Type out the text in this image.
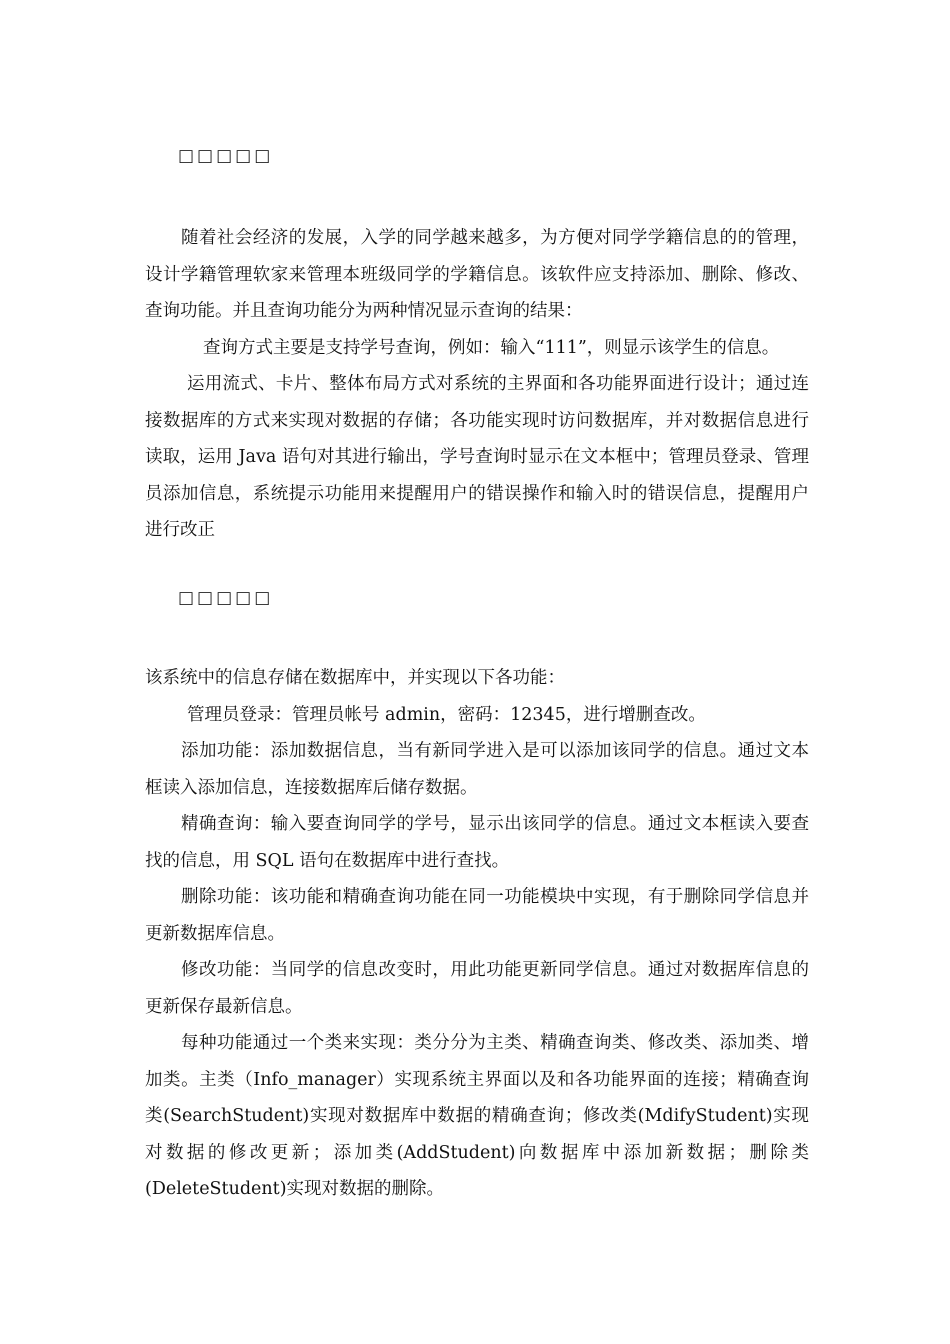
□□□□□

随着社会经济的发展，入学的同学越来越多，为方便对同学学籍信息的的管理，设计学籍管理软家来管理本班级同学的学籍信息。该软件应支持添加、删除、修改、查询功能。并且查询功能分为两种情况显示查询的结果：

查询方式主要是支持学号查询，例如：输入“111”，则显示该学生的信息。

运用流式、卡片、整体布局方式对系统的主界面和各功能界面进行设计；通过连接数据库的方式来实现对数据的存储；各功能实现时访问数据库，并对数据信息进行读取，运用 Java 语句对其进行输出，学号查询时显示在文本框中；管理员登录、管理员添加信息，系统提示功能用来提醒用户的错误操作和输入时的错误信息，提醒用户进行改正

□□□□□

该系统中的信息存储在数据库中，并实现以下各功能：

管理员登录：管理员帐号 admin，密码：12345，进行增删查改。

添加功能：添加数据信息，当有新同学进入是可以添加该同学的信息。通过文本框读入添加信息，连接数据库后储存数据。

精确查询：输入要查询同学的学号，显示出该同学的信息。通过文本框读入要查找的信息，用 SQL 语句在数据库中进行查找。

删除功能：该功能和精确查询功能在同一功能模块中实现，有于删除同学信息并更新数据库信息。

修改功能：当同学的信息改变时，用此功能更新同学信息。通过对数据库信息的更新保存最新信息。

每种功能通过一个类来实现：类分分为主类、精确查询类、修改类、添加类、增加类。主类（Info_manager）实现系统主界面以及和各功能界面的连接；精确查询类(SearchStudent)实现对数据库中数据的精确查询；修改类(MdifyStudent)实现对数据的修改更新；添加类(AddStudent)向数据库中添加新数据；删除类(DeleteStudent)实现对数据的删除。
